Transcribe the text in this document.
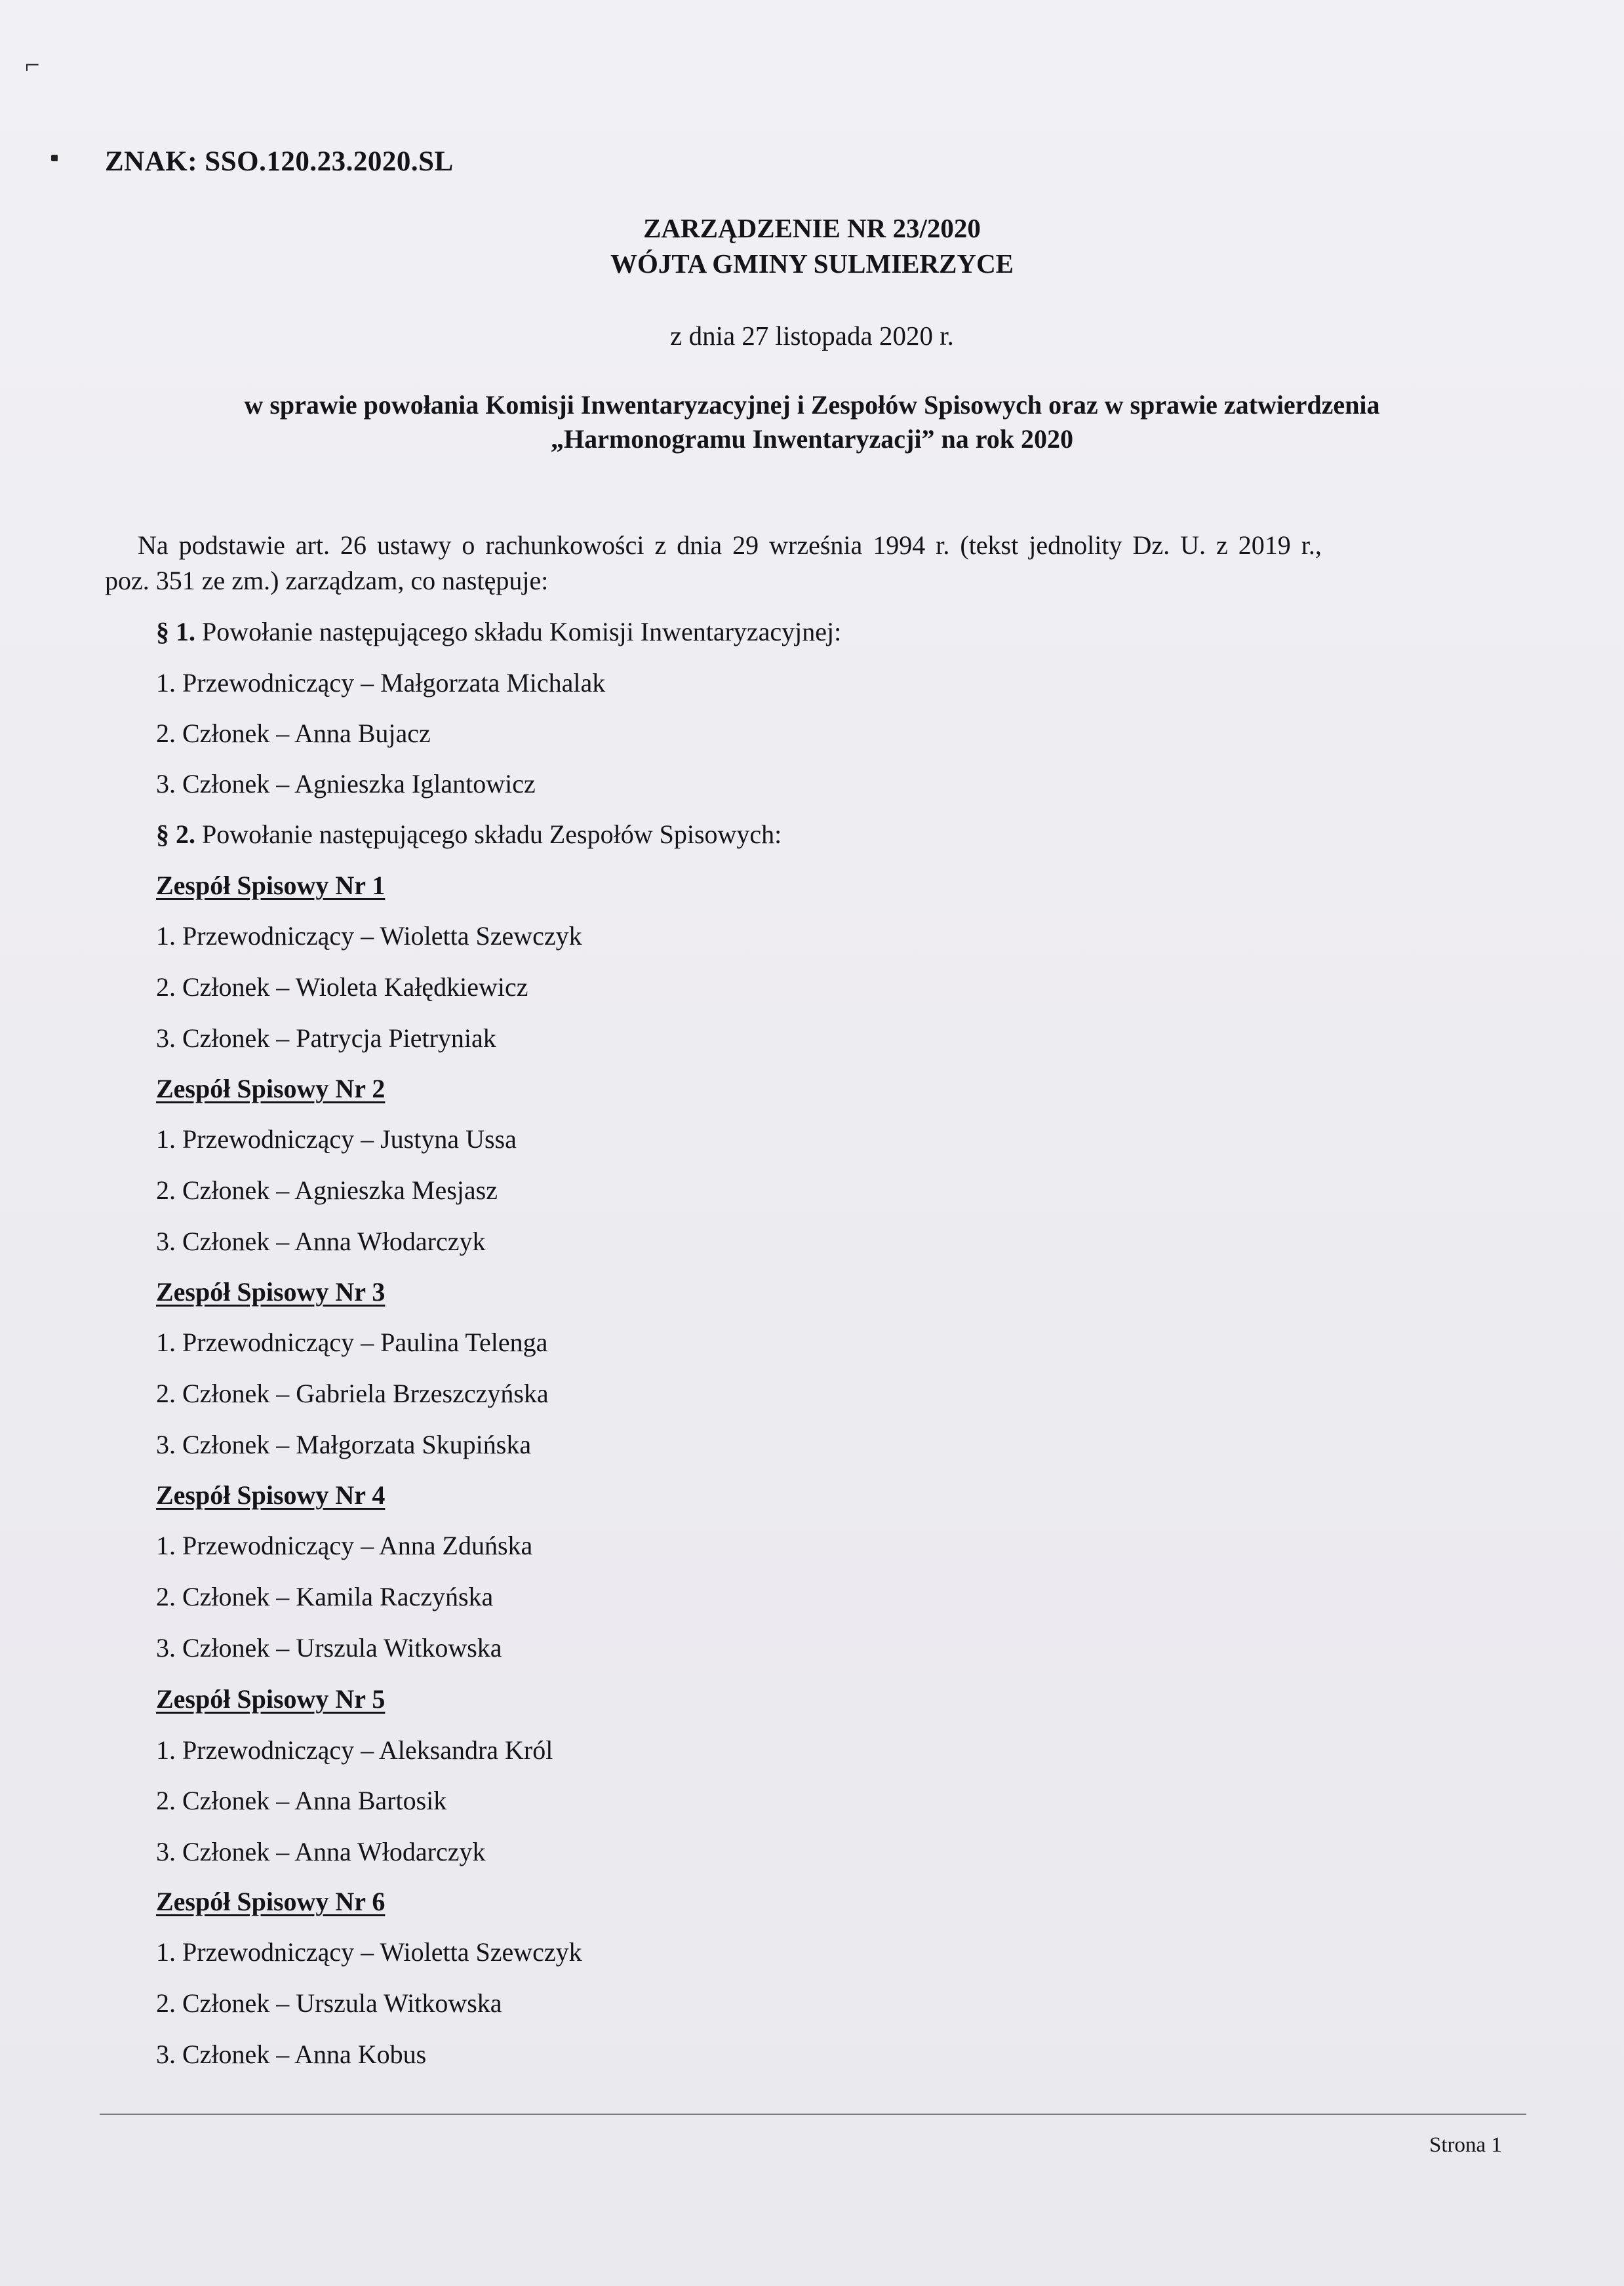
⌐
ZNAK: SSO.120.23.2020.SL
ZARZĄDZENIE NR 23/2020
WÓJTA GMINY SULMIERZYCE
z dnia 27 listopada 2020 r.
w sprawie powołania Komisji Inwentaryzacyjnej i Zespołów Spisowych oraz w sprawie zatwierdzenia
„Harmonogramu Inwentaryzacji” na rok 2020
Na podstawie art. 26 ustawy o rachunkowości z dnia 29 września 1994 r. (tekst jednolity Dz. U. z 2019 r.,
poz. 351 ze zm.) zarządzam, co następuje:
§ 1. Powołanie następującego składu Komisji Inwentaryzacyjnej:
1. Przewodniczący – Małgorzata Michalak
2. Członek – Anna Bujacz
3. Członek – Agnieszka Iglantowicz
§ 2. Powołanie następującego składu Zespołów Spisowych:
Zespół Spisowy Nr 1
1. Przewodniczący – Wioletta Szewczyk
2. Członek – Wioleta Kałędkiewicz
3. Członek – Patrycja Pietryniak
Zespół Spisowy Nr 2
1. Przewodniczący – Justyna Ussa
2. Członek – Agnieszka Mesjasz
3. Członek – Anna Włodarczyk
Zespół Spisowy Nr 3
1. Przewodniczący – Paulina Telenga
2. Członek – Gabriela Brzeszczyńska
3. Członek – Małgorzata Skupińska
Zespół Spisowy Nr 4
1. Przewodniczący – Anna Zduńska
2. Członek – Kamila Raczyńska
3. Członek – Urszula Witkowska
Zespół Spisowy Nr 5
1. Przewodniczący – Aleksandra Król
2. Członek – Anna Bartosik
3. Członek – Anna Włodarczyk
Zespół Spisowy Nr 6
1. Przewodniczący – Wioletta Szewczyk
2. Członek – Urszula Witkowska
3. Członek – Anna Kobus
Strona 1
